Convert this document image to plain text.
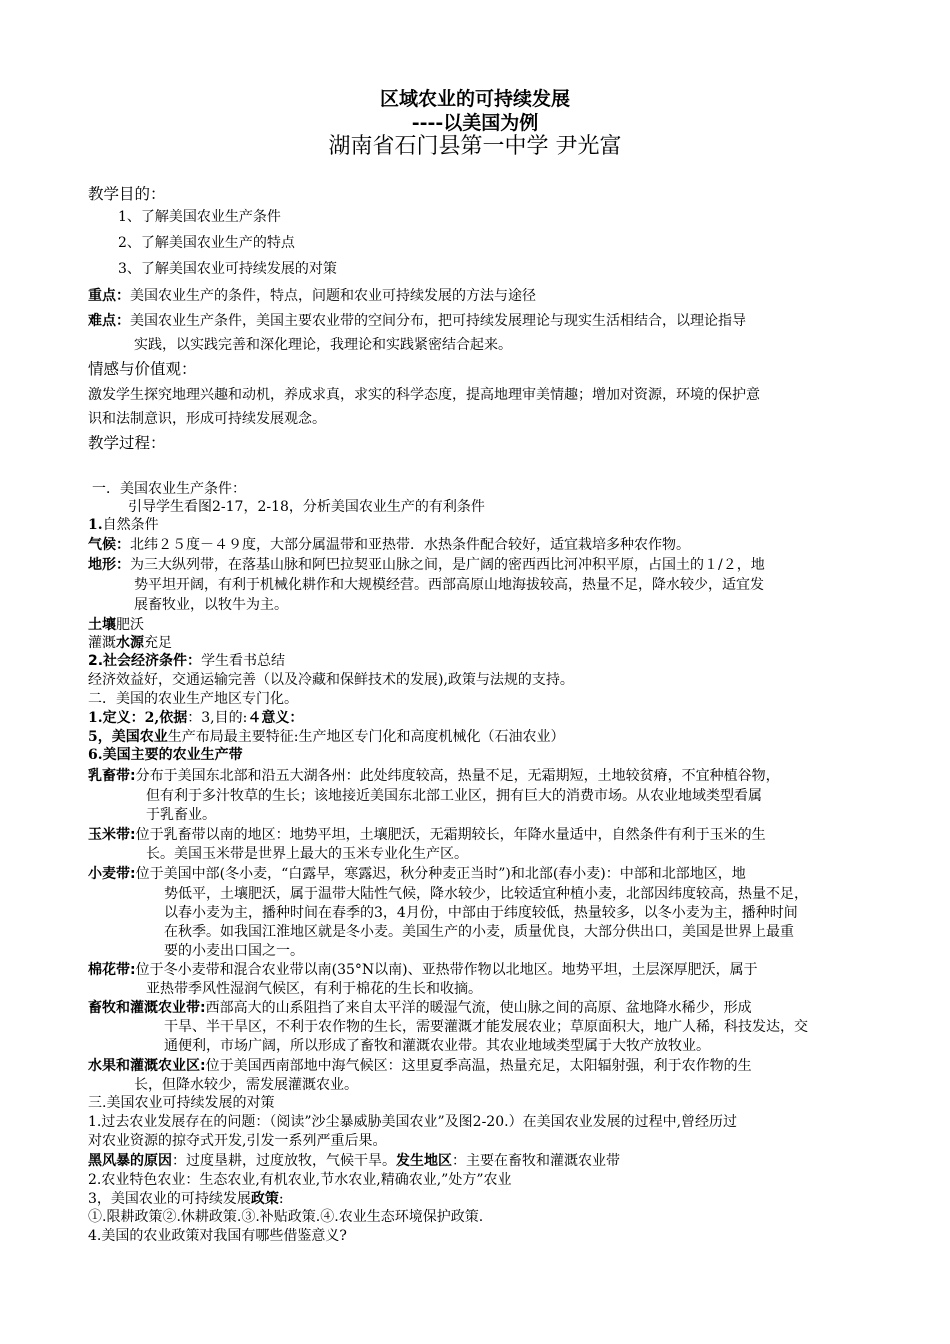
区域农业的可持续发展
----以美国为例
湖南省石门县第一中学 尹光富
教学目的：
1、了解美国农业生产条件
2、了解美国农业生产的特点
3、了解美国农业可持续发展的对策
重点：美国农业生产的条件，特点，问题和农业可持续发展的方法与途径
难点：美国农业生产条件，美国主要农业带的空间分布，把可持续发展理论与现实生活相结合，以理论指导
实践，以实践完善和深化理论，我理论和实践紧密结合起来。
情感与价值观：
激发学生探究地理兴趣和动机，养成求真，求实的科学态度，提高地理审美情趣；增加对资源，环境的保护意
识和法制意识，形成可持续发展观念。
教学过程：
一．美国农业生产条件：
引导学生看图2-17，2-18，分析美国农业生产的有利条件
1.自然条件
气候：北纬２５度－４９度，大部分属温带和亚热带．水热条件配合较好，适宜栽培多种农作物。
地形：为三大纵列带，在落基山脉和阿巴拉契亚山脉之间，是广阔的密西西比河冲积平原，占国土的１/２，地
势平坦开阔，有利于机械化耕作和大规模经营。西部高原山地海拔较高，热量不足，降水较少，适宜发
展畜牧业，以牧牛为主。
土壤肥沃
灌溉水源充足
2.社会经济条件：学生看书总结
经济效益好，交通运输完善（以及冷藏和保鲜技术的发展),政策与法规的支持。
二．美国的农业生产地区专门化。
1.定义：2,依据：3,目的:４意义：
5，美国农业生产布局最主要特征:生产地区专门化和高度机械化（石油农业）
6.美国主要的农业生产带
乳畜带:分布于美国东北部和沿五大湖各州：此处纬度较高，热量不足，无霜期短，土地较贫瘠，不宜种植谷物，
但有利于多汁牧草的生长；该地接近美国东北部工业区，拥有巨大的消费市场。从农业地域类型看属
于乳畜业。
玉米带:位于乳畜带以南的地区：地势平坦，土壤肥沃，无霜期较长，年降水量适中，自然条件有利于玉米的生
长。美国玉米带是世界上最大的玉米专业化生产区。
小麦带:位于美国中部(冬小麦，“白露早，寒露迟，秋分种麦正当时”)和北部(春小麦)：中部和北部地区，地
势低平，土壤肥沃，属于温带大陆性气候，降水较少，比较适宜种植小麦，北部因纬度较高，热量不足，
以春小麦为主，播种时间在春季的3，4月份，中部由于纬度较低，热量较多，以冬小麦为主，播种时间
在秋季。如我国江淮地区就是冬小麦。美国生产的小麦，质量优良，大部分供出口，美国是世界上最重
要的小麦出口国之一。
棉花带:位于冬小麦带和混合农业带以南(35°N以南)、亚热带作物以北地区。地势平坦，土层深厚肥沃，属于
亚热带季风性湿润气候区，有利于棉花的生长和收摘。
畜牧和灌溉农业带:西部高大的山系阻挡了来自太平洋的暖湿气流，使山脉之间的高原、盆地降水稀少，形成
干旱、半干旱区，不利于农作物的生长，需要灌溉才能发展农业；草原面积大，地广人稀，科技发达，交
通便利，市场广阔，所以形成了畜牧和灌溉农业带。其农业地域类型属于大牧产放牧业。
水果和灌溉农业区:位于美国西南部地中海气候区：这里夏季高温，热量充足，太阳辐射强，利于农作物的生
长，但降水较少，需发展灌溉农业。
三.美国农业可持续发展的对策
1.过去农业发展存在的问题：（阅读”沙尘暴威胁美国农业”及图2-20.）在美国农业发展的过程中,曾经历过
对农业资源的掠夺式开发,引发一系列严重后果。
黑风暴的原因：过度垦耕，过度放牧，气候干旱。发生地区：主要在畜牧和灌溉农业带
2.农业特色农业：生态农业,有机农业,节水农业,精确农业,”处方”农业
3，美国农业的可持续发展政策:
①.限耕政策②.休耕政策.③.补贴政策.④.农业生态环境保护政策.
4.美国的农业政策对我国有哪些借鉴意义?
